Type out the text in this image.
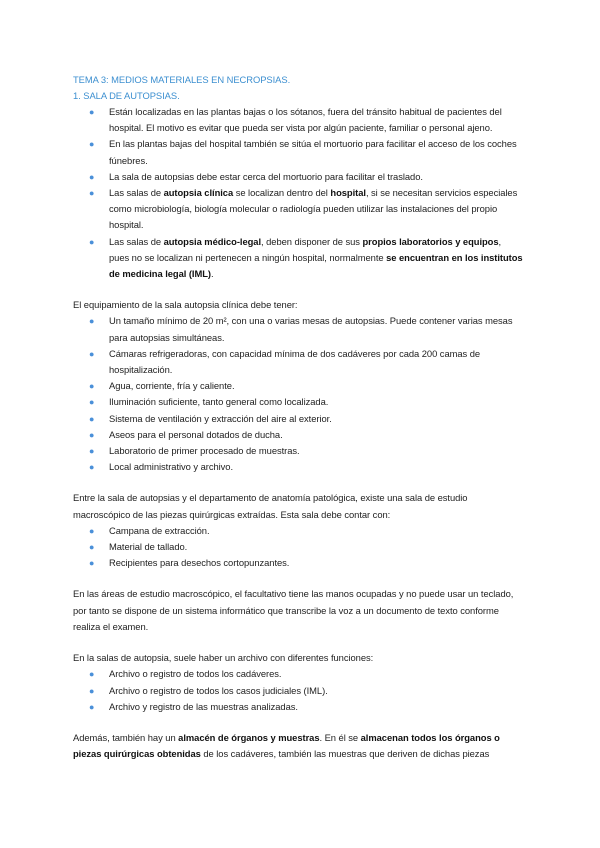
TEMA 3: MEDIOS MATERIALES EN NECROPSIAS.
1. SALA DE AUTOPSIAS.
● Están localizadas en las plantas bajas o los sótanos, fuera del tránsito habitual de pacientes del hospital. El motivo es evitar que pueda ser vista por algún paciente, familiar o personal ajeno.
● En las plantas bajas del hospital también se sitúa el mortuorio para facilitar el acceso de los coches fúnebres.
● La sala de autopsias debe estar cerca del mortuorio para facilitar el traslado.
● Las salas de autopsia clínica se localizan dentro del hospital, si se necesitan servicios especiales como microbiología, biología molecular o radiología pueden utilizar las instalaciones del propio hospital.
● Las salas de autopsia médico-legal, deben disponer de sus propios laboratorios y equipos, pues no se localizan ni pertenecen a ningún hospital, normalmente se encuentran en los institutos de medicina legal (IML).

El equipamiento de la sala autopsia clínica debe tener:

● Un tamaño mínimo de 20 m², con una o varias mesas de autopsias. Puede contener varias mesas para autopsias simultáneas.
● Cámaras refrigeradoras, con capacidad mínima de dos cadáveres por cada 200 camas de hospitalización.
● Agua, corriente, fría y caliente.
● Iluminación suficiente, tanto general como localizada.
● Sistema de ventilación y extracción del aire al exterior.
● Aseos para el personal dotados de ducha.
● Laboratorio de primer procesado de muestras.
● Local administrativo y archivo.

Entre la sala de autopsias y el departamento de anatomía patológica, existe una sala de estudio macroscópico de las piezas quirúrgicas extraídas. Esta sala debe contar con:

● Campana de extracción.
● Material de tallado.
● Recipientes para desechos cortopunzantes.

En las áreas de estudio macroscópico, el facultativo tiene las manos ocupadas y no puede usar un teclado, por tanto se dispone de un sistema informático que transcribe la voz a un documento de texto conforme realiza el examen.

En la salas de autopsia, suele haber un archivo con diferentes funciones:

● Archivo o registro de todos los cadáveres.
● Archivo o registro de todos los casos judiciales (IML).
● Archivo y registro de las muestras analizadas.

Además, también hay un almacén de órganos y muestras. En él se almacenan todos los órganos o piezas quirúrgicas obtenidas de los cadáveres, también las muestras que deriven de dichas piezas
